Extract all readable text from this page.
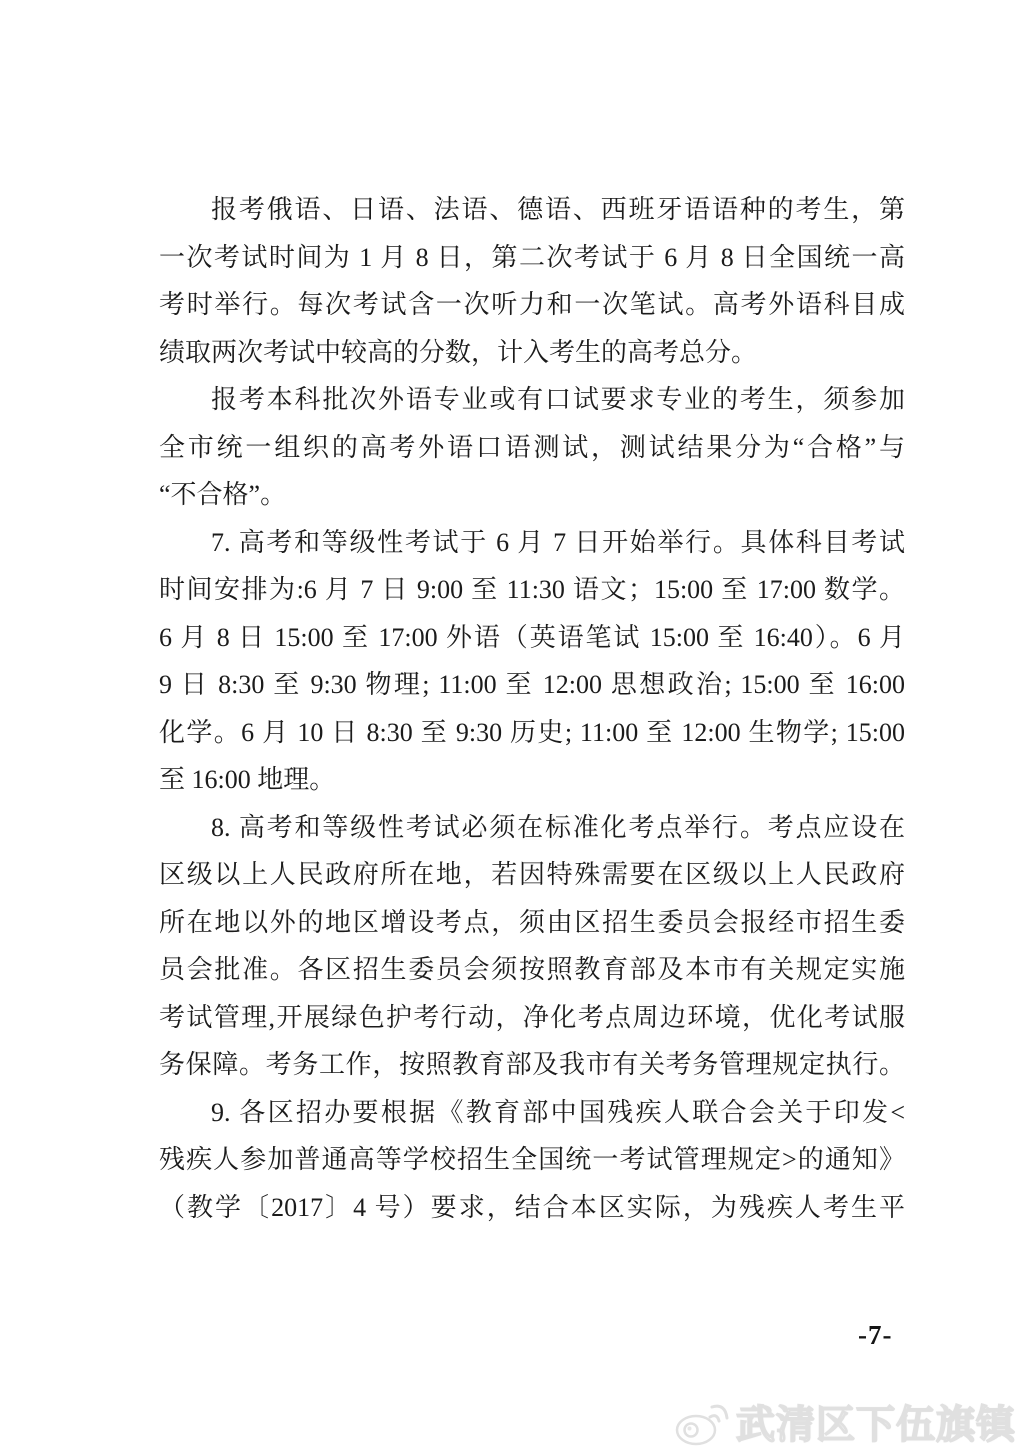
报考俄语、日语、法语、德语、西班牙语语种的考生，第
一次考试时间为 1 月 8 日，第二次考试于 6 月 8 日全国统一高
考时举行。每次考试含一次听力和一次笔试。高考外语科目成
绩取两次考试中较高的分数，计入考生的高考总分。
报考本科批次外语专业或有口试要求专业的考生，须参加
全市统一组织的高考外语口语测试，测试结果分为“合格”与
“不合格”。
7. 高考和等级性考试于 6 月 7 日开始举行。具体科目考试
时间安排为:6 月 7 日 9:00 至 11:30 语文；15:00 至 17:00 数学。
6 月 8 日 15:00 至 17:00 外语（英语笔试 15:00 至 16:40）。6 月
9 日 8:30 至 9:30 物理; 11:00 至 12:00 思想政治; 15:00 至 16:00
化学。6 月 10 日 8:30 至 9:30 历史; 11:00 至 12:00 生物学; 15:00
至 16:00 地理。
8. 高考和等级性考试必须在标准化考点举行。考点应设在
区级以上人民政府所在地，若因特殊需要在区级以上人民政府
所在地以外的地区增设考点，须由区招生委员会报经市招生委
员会批准。各区招生委员会须按照教育部及本市有关规定实施
考试管理,开展绿色护考行动，净化考点周边环境，优化考试服
务保障。考务工作，按照教育部及我市有关考务管理规定执行。
9. 各区招办要根据《教育部中国残疾人联合会关于印发<
残疾人参加普通高等学校招生全国统一考试管理规定>的通知》
（教学〔2017〕4 号）要求，结合本区实际，为残疾人考生平
-7-
武清区下伍旗镇
